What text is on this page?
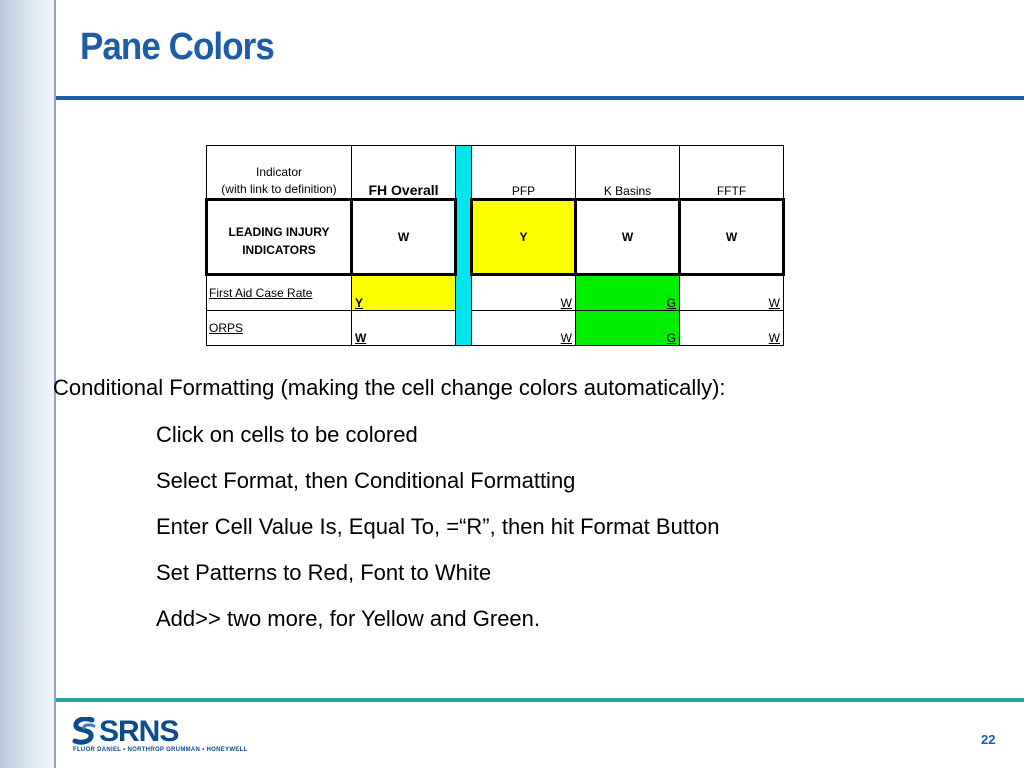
Pane Colors
Indicator
(with link to definition)	FH Overall		PFP	K Basins	FFTF
LEADING INJURY
INDICATORS	W		Y	W	W
First Aid Case Rate	Y		W	G	W
ORPS	W		W	G	W
Conditional Formatting (making the cell change colors automatically):
Click on cells to be colored
Select Format, then Conditional Formatting
Enter Cell Value Is, Equal To, =“R”, then hit Format Button
Set Patterns to Red, Font to White
Add>> two more, for Yellow and Green.
SRNS
FLUOR DANIEL • NORTHROP GRUMMAN • HONEYWELL
22
